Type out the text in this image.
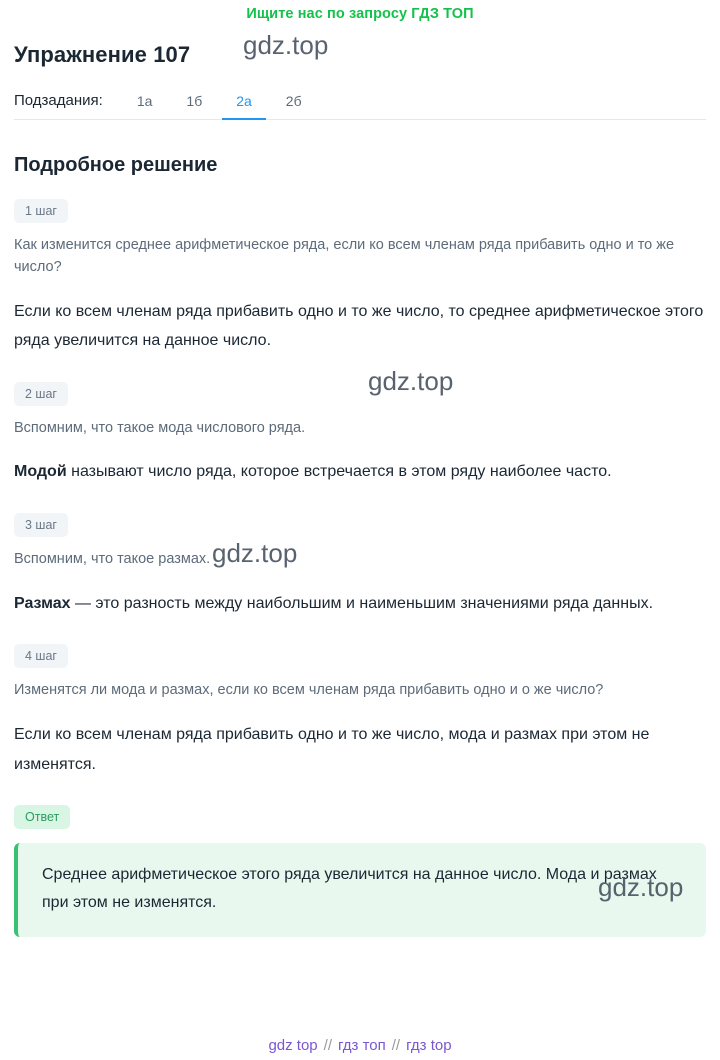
Ищите нас по запросу ГДЗ ТОП
Упражнение 107
Подзадания:	1а	1б	2а	2б
Подробное решение
1 шаг

Как изменится среднее арифметическое ряда, если ко всем членам ряда прибавить одно и то же число?

Если ко всем членам ряда прибавить одно и то же число, то среднее арифметическое этого ряда увеличится на данное число.

2 шаг

Вспомним, что такое мода числового ряда.

Модой называют число ряда, которое встречается в этом ряду наиболее часто.

3 шаг

Вспомним, что такое размах.

Размах — это разность между наибольшим и наименьшим значениями ряда данных.

4 шаг

Изменятся ли мода и размах, если ко всем членам ряда прибавить одно и о же число?

Если ко всем членам ряда прибавить одно и то же число, мода и размах при этом не изменятся.

Ответ

Среднее арифметическое этого ряда увеличится на данное число. Мода и размах при этом не изменятся.

gdz.top
gdz.top
gdz.top
gdz.top
gdz top // гдз топ // гдз top
